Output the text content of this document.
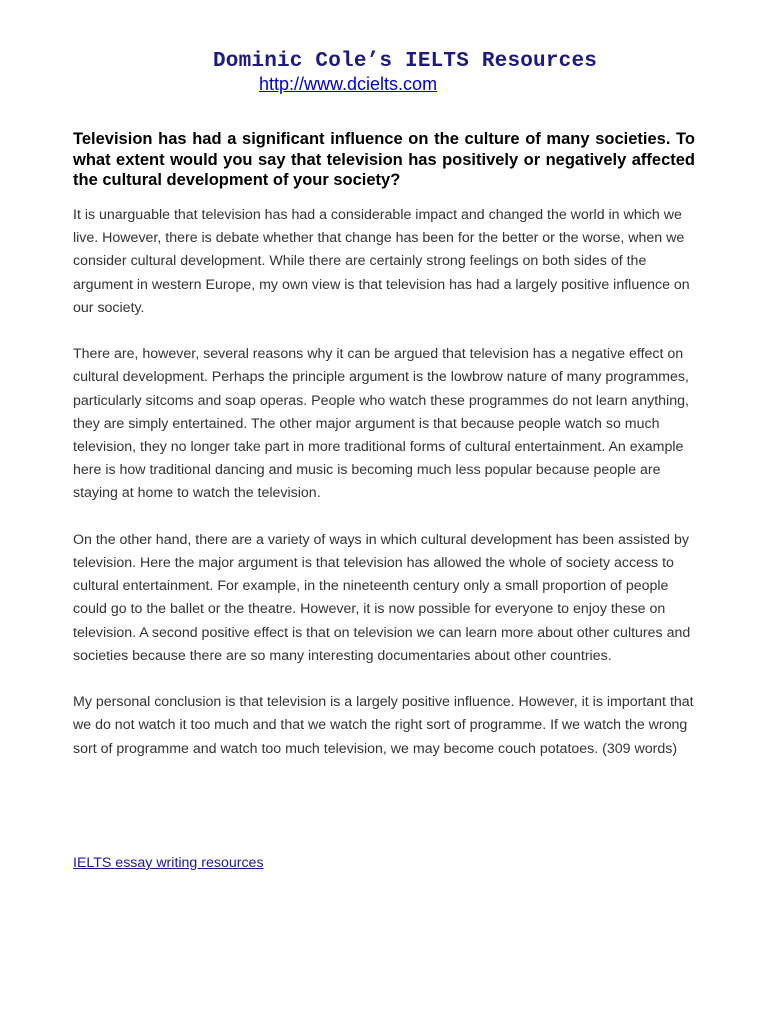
Dominic Cole’s IELTS Resources
http://www.dcielts.com

Television has had a significant influence on the culture of many societies. To what extent would you say that television has positively or negatively affected the cultural development of your society?

It is unarguable that television has had a considerable impact and changed the world in which we live. However, there is debate whether that change has been for the better or the worse, when we consider cultural development. While there are certainly strong feelings on both sides of the argument in western Europe, my own view is that television has had a largely positive influence on our society.

There are, however, several reasons why it can be argued that television has a negative effect on cultural development. Perhaps the principle argument is the lowbrow nature of many programmes, particularly sitcoms and soap operas. People who watch these programmes do not learn anything, they are simply entertained. The other major argument is that because people watch so much television, they no longer take part in more traditional forms of cultural entertainment. An example here is how traditional dancing and music is becoming much less popular because people are staying at home to watch the television.

On the other hand, there are a variety of ways in which cultural development has been assisted by television. Here the major argument is that television has allowed the whole of society access to cultural entertainment. For example, in the nineteenth century only a small proportion of people could go to the ballet or the theatre. However, it is now possible for everyone to enjoy these on television. A second positive effect is that on television we can learn more about other cultures and societies because there are so many interesting documentaries about other countries.

My personal conclusion is that television is a largely positive influence. However, it is important that we do not watch it too much and that we watch the right sort of programme. If we watch the wrong sort of programme and watch too much television, we may become couch potatoes. (309 words)

IELTS essay writing resources
